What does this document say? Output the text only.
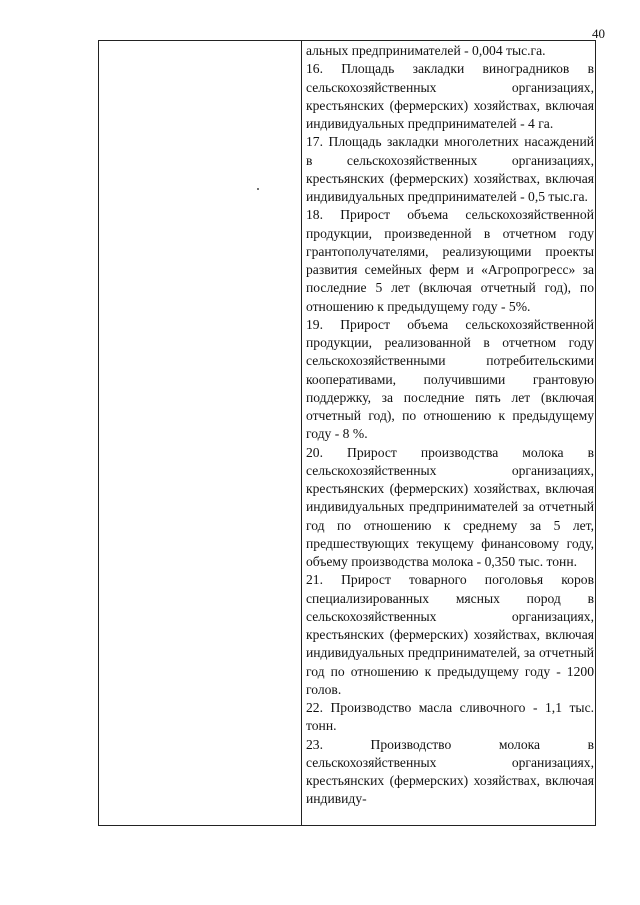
40

альных предпринимателей - 0,004 тыс.га.

16. Площадь закладки виноградников в сельскохозяйственных организациях, крестьянских (фермерских) хозяйствах, включая индивидуальных предпринимателей - 4 га.

17. Площадь закладки многолетних насаждений в сельскохозяйственных организациях, крестьянских (фермерских) хозяйствах, включая индивидуальных предпринимателей - 0,5 тыс.га.

18. Прирост объема сельскохозяйственной продукции, произведенной в отчетном году грантополучателями, реализующими проекты развития семейных ферм и «Агропрогресс» за последние 5 лет (включая отчетный год), по отношению к предыдущему году - 5%.

19. Прирост объема сельскохозяйственной продукции, реализованной в отчетном году сельскохозяйственными потребительскими кооперативами, получившими грантовую поддержку, за последние пять лет (включая отчетный год), по отношению к предыдущему году - 8 %.

20. Прирост производства молока в сельскохозяйственных организациях, крестьянских (фермерских) хозяйствах, включая индивидуальных предпринимателей за отчетный год по отношению к среднему за 5 лет, предшествующих текущему финансовому году, объему производства молока - 0,350 тыс. тонн.

21. Прирост товарного поголовья коров специализированных мясных пород в сельскохозяйственных организациях, крестьянских (фермерских) хозяйствах, включая индивидуальных предпринимателей, за отчетный год по отношению к предыдущему году - 1200 голов.

22. Производство масла сливочного - 1,1 тыс. тонн.

23. Производство молока в сельскохозяйственных организациях, крестьянских (фермерских) хозяйствах, включая индивиду-
